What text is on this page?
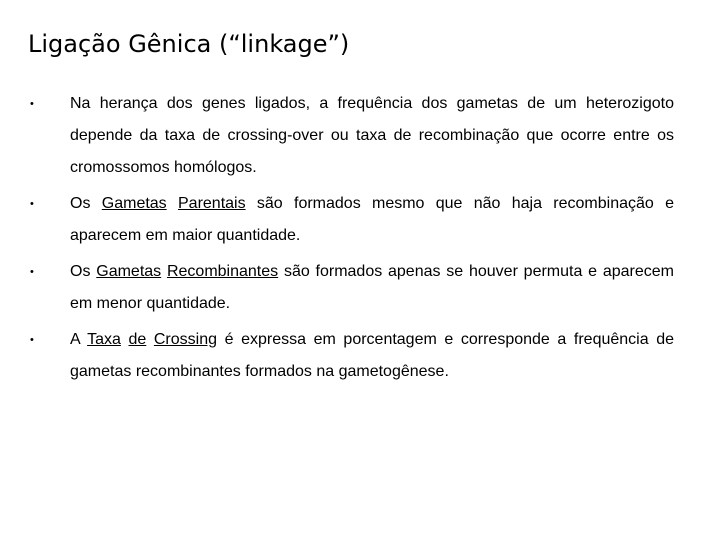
Ligação Gênica (“linkage”)
•	Na herança dos genes ligados, a frequência dos gametas de um heterozigoto depende da taxa de crossing-over ou taxa de recombinação que ocorre entre os cromossomos homólogos.
•	Os Gametas Parentais são formados mesmo que não haja recombinação e aparecem em maior quantidade.
•	Os Gametas Recombinantes são formados apenas se houver permuta e aparecem em menor quantidade.
•	A Taxa de Crossing é expressa em porcentagem e corresponde a frequência de gametas recombinantes formados na gametogênese.
